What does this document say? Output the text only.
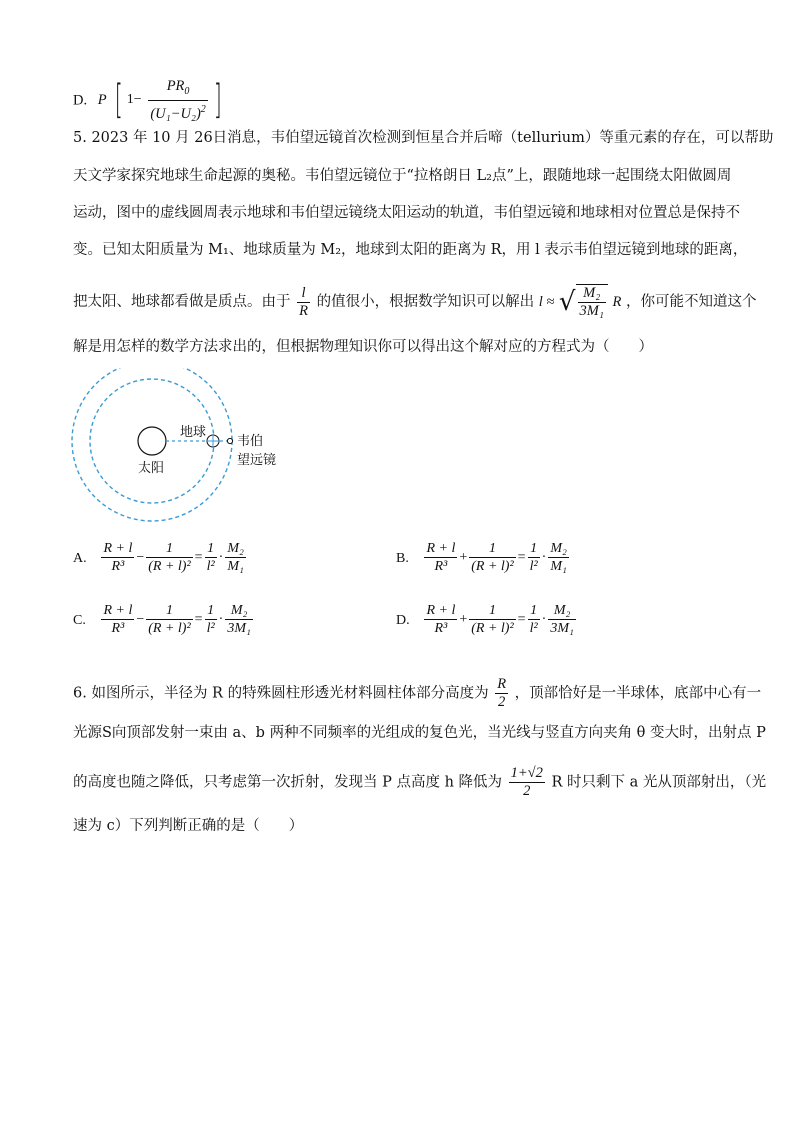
D. P [ $1- \frac{PR_0}{(U_1-U_2)^2}$ ]
5. 2023 年 10 月 26日消息，韦伯望远镜首次检测到恒星合并后啼（tellurium）等重元素的存在，可以帮助
天文学家探究地球生命起源的奥秘。韦伯望远镜位于“拉格朗日 L₂点”上，跟随地球一起围绕太阳做圆周
运动，图中的虚线圆周表示地球和韦伯望远镜绕太阳运动的轨道，韦伯望远镜和地球相对位置总是保持不
变。已知太阳质量为 M₁、地球质量为 M₂，地球到太阳的距离为 R，用 l 表示韦伯望远镜到地球的距离，
把太阳、地球都看做是质点。由于 $\frac{l}{R}$ 的值很小，根据数学知识可以解出 l ≈ √ $\frac{\text{M₂}}{\text{3M₁}}$ R ，你可能不知道这个
解是用怎样的数学方法求出的，但根据物理知识你可以得出这个解对应的方程式为（　　）
太阳
地球
韦伯
望远镜
A. $\frac{R + l}{\text{R³}} - \frac{1}{\text{(R + l)²}} = \frac{1}{\text{l²}} \cdot \frac{\text{M₂}}{\text{M₁}}$	B. $\frac{R + l}{\text{R³}} + \frac{1}{\text{(R + l)²}} = \frac{1}{\text{l²}} \cdot \frac{\text{M₂}}{\text{M₁}}$
C. $\frac{R + l}{\text{R³}} - \frac{1}{\text{(R + l)²}} = \frac{1}{\text{l²}} \cdot \frac{\text{M₂}}{\text{3M₁}}$	D. $\frac{R + l}{\text{R³}} + \frac{1}{\text{(R + l)²}} = \frac{1}{\text{l²}} \cdot \frac{\text{M₂}}{\text{3M₁}}$
6. 如图所示，半径为 R 的特殊圆柱形透光材料圆柱体部分高度为 $\frac{R}{2}$ ，顶部恰好是一半球体，底部中心有一
光源S向顶部发射一束由 a、b 两种不同频率的光组成的复色光，当光线与竖直方向夹角 θ 变大时，出射点 P
的高度也随之降低，只考虑第一次折射，发现当 P 点高度 h 降低为 $\frac{1+√2}{2}$ R 时只剩下 a 光从顶部射出，（光
速为 c）下列判断正确的是（　　）
